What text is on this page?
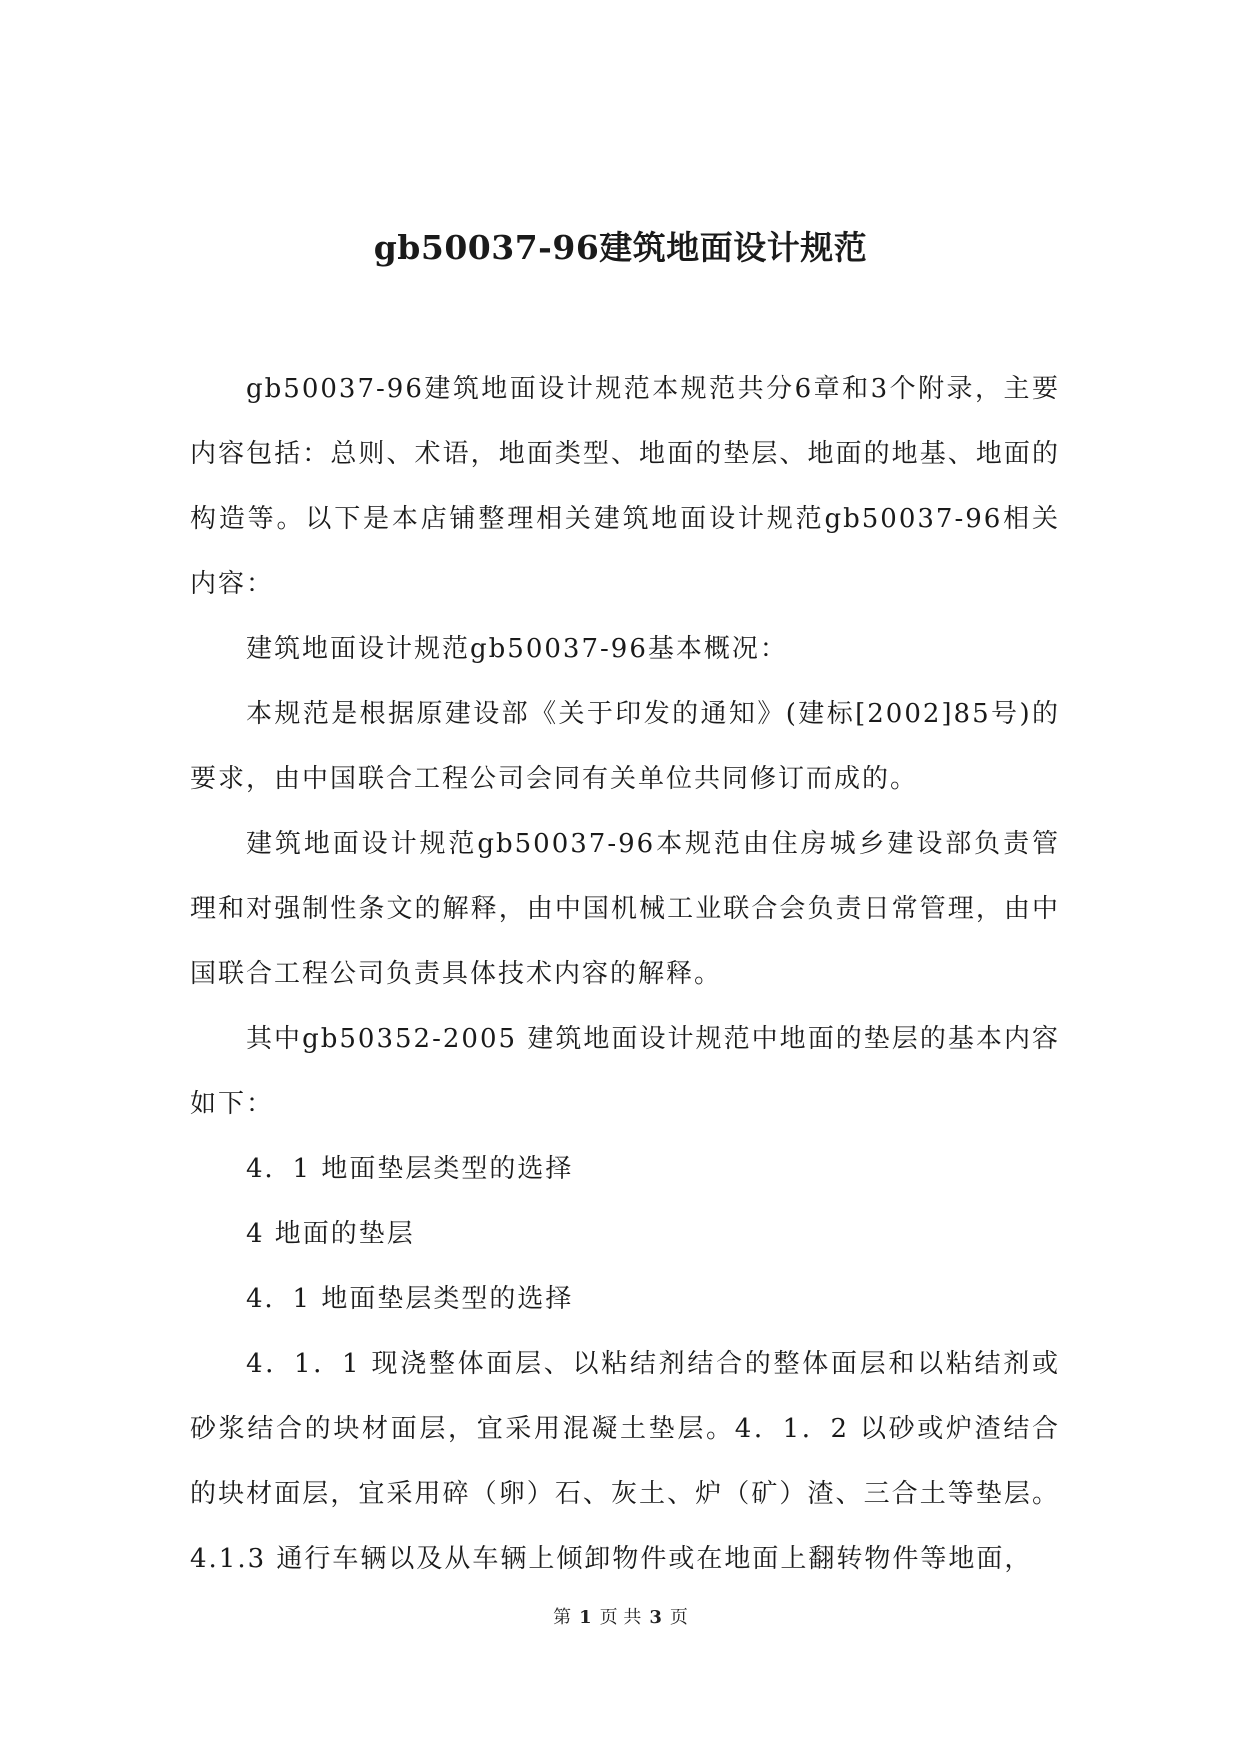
gb50037-96建筑地面设计规范

gb50037-96建筑地面设计规范本规范共分6章和3个附录，主要内容包括：总则、术语，地面类型、地面的垫层、地面的地基、地面的构造等。以下是本店铺整理相关建筑地面设计规范gb50037-96相关内容：

建筑地面设计规范gb50037-96基本概况：

本规范是根据原建设部《关于印发的通知》(建标[2002]85号)的要求，由中国联合工程公司会同有关单位共同修订而成的。

建筑地面设计规范gb50037-96本规范由住房城乡建设部负责管理和对强制性条文的解释，由中国机械工业联合会负责日常管理，由中国联合工程公司负责具体技术内容的解释。

其中gb50352-2005 建筑地面设计规范中地面的垫层的基本内容如下：

4．1 地面垫层类型的选择

4 地面的垫层

4．1 地面垫层类型的选择

4．1．1 现浇整体面层、以粘结剂结合的整体面层和以粘结剂或砂浆结合的块材面层，宜采用混凝土垫层。4．1．2 以砂或炉渣结合的块材面层，宜采用碎（卵）石、灰土、炉（矿）渣、三合土等垫层。4.1.3 通行车辆以及从车辆上倾卸物件或在地面上翻转物件等地面，

第 1 页 共 3 页
